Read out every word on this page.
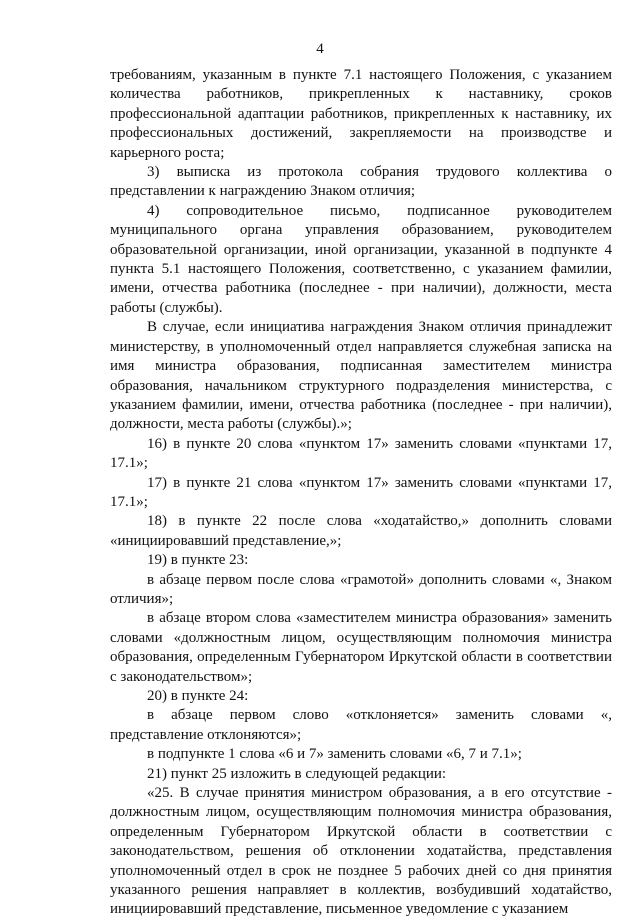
4

требованиям, указанным в пункте 7.1 настоящего Положения, с указанием количества работников, прикрепленных к наставнику, сроков профессиональной адаптации работников, прикрепленных к наставнику, их профессиональных достижений, закрепляемости на производстве и карьерного роста;

3) выписка из протокола собрания трудового коллектива о представлении к награждению Знаком отличия;

4) сопроводительное письмо, подписанное руководителем муниципального органа управления образованием, руководителем образовательной организации, иной организации, указанной в подпункте 4 пункта 5.1 настоящего Положения, соответственно, с указанием фамилии, имени, отчества работника (последнее - при наличии), должности, места работы (службы).

В случае, если инициатива награждения Знаком отличия принадлежит министерству, в уполномоченный отдел направляется служебная записка на имя министра образования, подписанная заместителем министра образования, начальником структурного подразделения министерства, с указанием фамилии, имени, отчества работника (последнее - при наличии), должности, места работы (службы).»;

16) в пункте 20 слова «пунктом 17» заменить словами «пунктами 17, 17.1»;

17) в пункте 21 слова «пунктом 17» заменить словами «пунктами 17, 17.1»;

18) в пункте 22 после слова «ходатайство,» дополнить словами «инициировавший представление,»;

19) в пункте 23:

в абзаце первом после слова «грамотой» дополнить словами «, Знаком отличия»;

в абзаце втором слова «заместителем министра образования» заменить словами «должностным лицом, осуществляющим полномочия министра образования, определенным Губернатором Иркутской области в соответствии с законодательством»;

20) в пункте 24:

в абзаце первом слово «отклоняется» заменить словами «, представление отклоняются»;

в подпункте 1 слова «6 и 7» заменить словами «6, 7 и 7.1»;

21) пункт 25 изложить в следующей редакции:

«25. В случае принятия министром образования, а в его отсутствие - должностным лицом, осуществляющим полномочия министра образования, определенным Губернатором Иркутской области в соответствии с законодательством, решения об отклонении ходатайства, представления уполномоченный отдел в срок не позднее 5 рабочих дней со дня принятия указанного решения направляет в коллектив, возбудивший ходатайство, инициировавший представление, письменное уведомление с указанием
